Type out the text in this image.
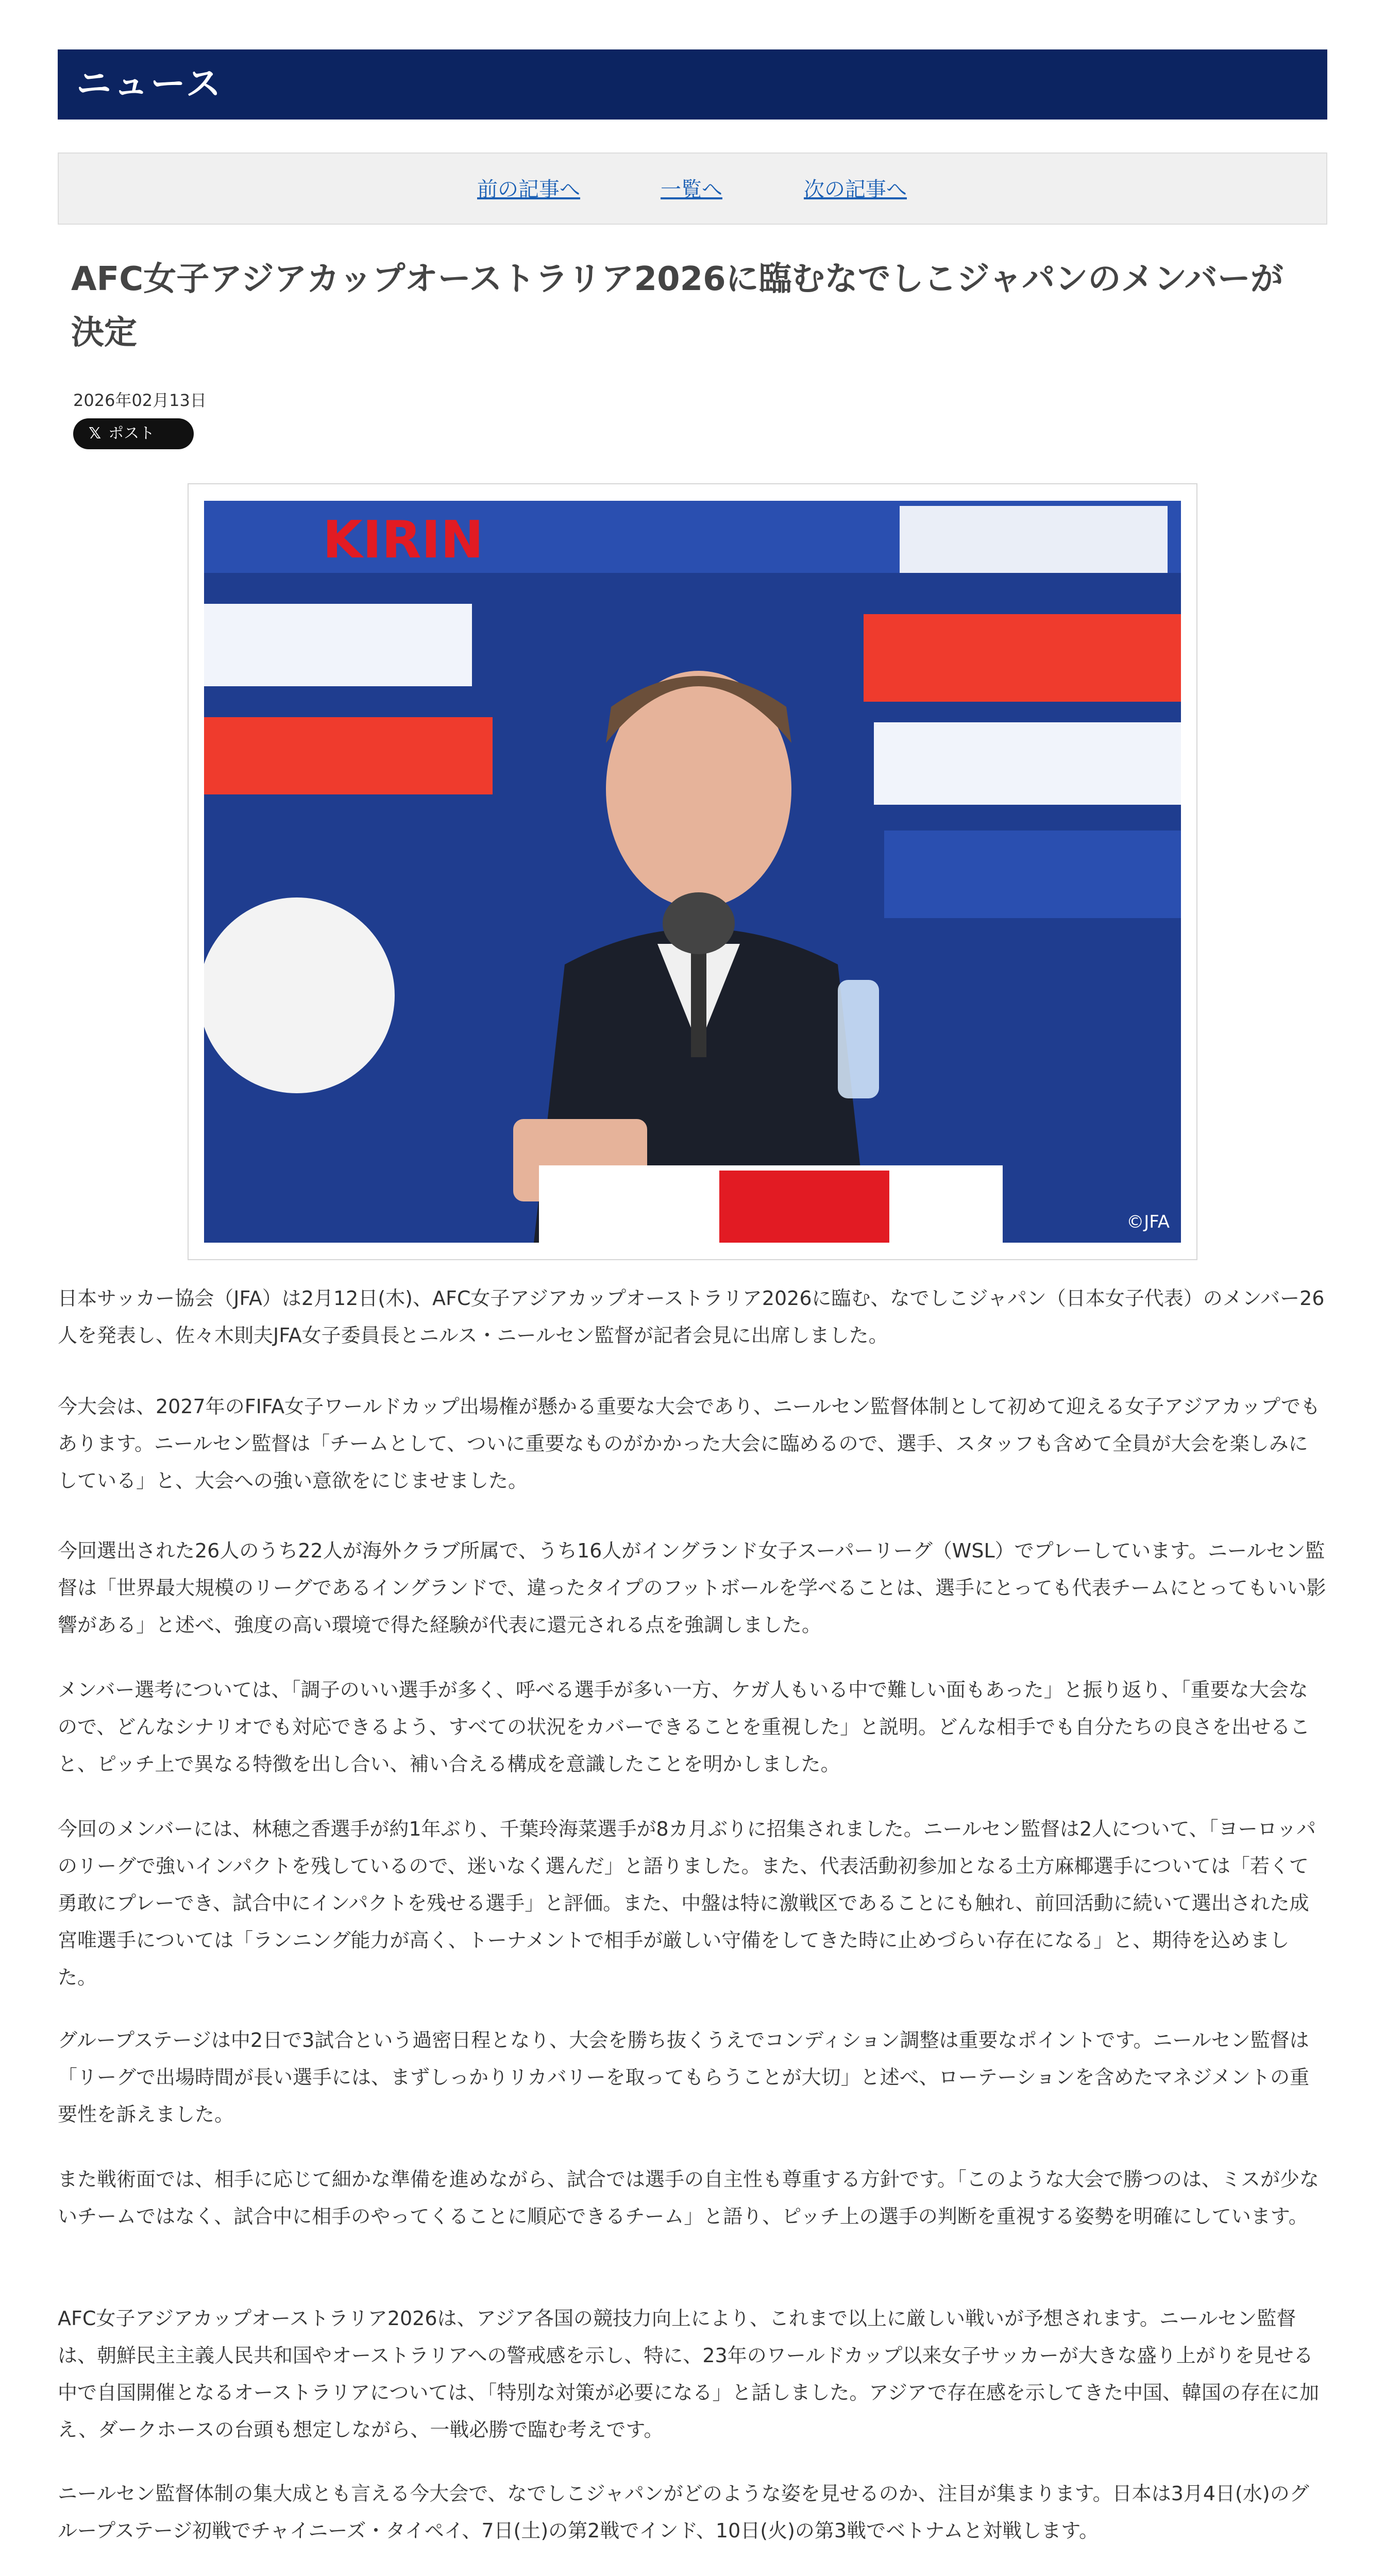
ニュース
前の記事へ	一覧へ	次の記事へ
AFC女子アジアカップオーストラリア2026に臨むなでしこジャパンのメンバーが決定
2026年02月13日
𝕏 ポスト
KIRIN
©JFA

日本サッカー協会（JFA）は2月12日(木)、AFC女子アジアカップオーストラリア2026に臨む、なでしこジャパン（日本女子代表）のメンバー26人を発表し、佐々木則夫JFA女子委員長とニルス・ニールセン監督が記者会見に出席しました。

今大会は、2027年のFIFA女子ワールドカップ出場権が懸かる重要な大会であり、ニールセン監督体制として初めて迎える女子アジアカップでもあります。ニールセン監督は「チームとして、ついに重要なものがかかった大会に臨めるので、選手、スタッフも含めて全員が大会を楽しみにしている」と、大会への強い意欲をにじませました。

今回選出された26人のうち22人が海外クラブ所属で、うち16人がイングランド女子スーパーリーグ（WSL）でプレーしています。ニールセン監督は「世界最大規模のリーグであるイングランドで、違ったタイプのフットボールを学べることは、選手にとっても代表チームにとってもいい影響がある」と述べ、強度の高い環境で得た経験が代表に還元される点を強調しました。

メンバー選考については、「調子のいい選手が多く、呼べる選手が多い一方、ケガ人もいる中で難しい面もあった」と振り返り、「重要な大会なので、どんなシナリオでも対応できるよう、すべての状況をカバーできることを重視した」と説明。どんな相手でも自分たちの良さを出せること、ピッチ上で異なる特徴を出し合い、補い合える構成を意識したことを明かしました。

今回のメンバーには、林穂之香選手が約1年ぶり、千葉玲海菜選手が8カ月ぶりに招集されました。ニールセン監督は2人について、「ヨーロッパのリーグで強いインパクトを残しているので、迷いなく選んだ」と語りました。また、代表活動初参加となる土方麻椰選手については「若くて勇敢にプレーでき、試合中にインパクトを残せる選手」と評価。また、中盤は特に激戦区であることにも触れ、前回活動に続いて選出された成宮唯選手については「ランニング能力が高く、トーナメントで相手が厳しい守備をしてきた時に止めづらい存在になる」と、期待を込めました。

グループステージは中2日で3試合という過密日程となり、大会を勝ち抜くうえでコンディション調整は重要なポイントです。ニールセン監督は「リーグで出場時間が長い選手には、まずしっかりリカバリーを取ってもらうことが大切」と述べ、ローテーションを含めたマネジメントの重要性を訴えました。

また戦術面では、相手に応じて細かな準備を進めながら、試合では選手の自主性も尊重する方針です。「このような大会で勝つのは、ミスが少ないチームではなく、試合中に相手のやってくることに順応できるチーム」と語り、ピッチ上の選手の判断を重視する姿勢を明確にしています。

AFC女子アジアカップオーストラリア2026は、アジア各国の競技力向上により、これまで以上に厳しい戦いが予想されます。ニールセン監督は、朝鮮民主主義人民共和国やオーストラリアへの警戒感を示し、特に、23年のワールドカップ以来女子サッカーが大きな盛り上がりを見せる中で自国開催となるオーストラリアについては、「特別な対策が必要になる」と話しました。アジアで存在感を示してきた中国、韓国の存在に加え、ダークホースの台頭も想定しながら、一戦必勝で臨む考えです。

ニールセン監督体制の集大成とも言える今大会で、なでしこジャパンがどのような姿を見せるのか、注目が集まります。日本は3月4日(水)のグループステージ初戦でチャイニーズ・タイペイ、7日(土)の第2戦でインド、10日(火)の第3戦でベトナムと対戦します。
